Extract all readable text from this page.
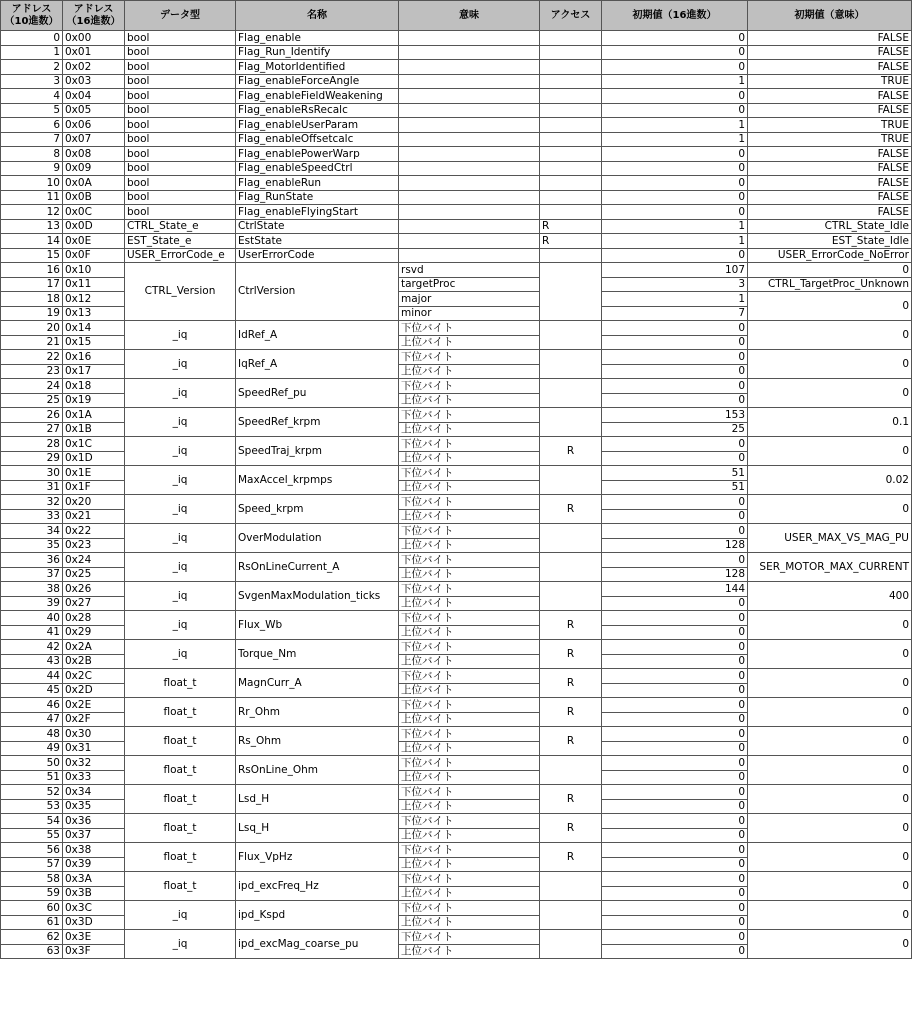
アドレス（10進数）	アドレス（16進数）	データ型	名称	意味	アクセス	初期値（16進数）	初期値（意味）
0	0x00	bool	Flag_enable			0	FALSE
1	0x01	bool	Flag_Run_Identify			0	FALSE
2	0x02	bool	Flag_MotorIdentified			0	FALSE
3	0x03	bool	Flag_enableForceAngle			1	TRUE
4	0x04	bool	Flag_enableFieldWeakening			0	FALSE
5	0x05	bool	Flag_enableRsRecalc			0	FALSE
6	0x06	bool	Flag_enableUserParam			1	TRUE
7	0x07	bool	Flag_enableOffsetcalc			1	TRUE
8	0x08	bool	Flag_enablePowerWarp			0	FALSE
9	0x09	bool	Flag_enableSpeedCtrl			0	FALSE
10	0x0A	bool	Flag_enableRun			0	FALSE
11	0x0B	bool	Flag_RunState			0	FALSE
12	0x0C	bool	Flag_enableFlyingStart			0	FALSE
13	0x0D	CTRL_State_e	CtrlState		R	1	CTRL_State_Idle
14	0x0E	EST_State_e	EstState		R	1	EST_State_Idle
15	0x0F	USER_ErrorCode_e	UserErrorCode			0	USER_ErrorCode_NoError
16	0x10	CTRL_Version	CtrlVersion	rsvd		107	0
17	0x11			targetProc		3	CTRL_TargetProc_Unknown
18	0x12			major		1	0
19	0x13			minor		7	
20	0x14	_iq	IdRef_A	下位バイト		0	0
21	0x15			上位バイト		0	
22	0x16	_iq	IqRef_A	下位バイト		0	0
23	0x17			上位バイト		0	
24	0x18	_iq	SpeedRef_pu	下位バイト		0	0
25	0x19			上位バイト		0	
26	0x1A	_iq	SpeedRef_krpm	下位バイト		153	0.1
27	0x1B			上位バイト		25	
28	0x1C	_iq	SpeedTraj_krpm	下位バイト	R	0	0
29	0x1D			上位バイト		0	
30	0x1E	_iq	MaxAccel_krpmps	下位バイト		51	0.02
31	0x1F			上位バイト		51	
32	0x20	_iq	Speed_krpm	下位バイト	R	0	0
33	0x21			上位バイト		0	
34	0x22	_iq	OverModulation	下位バイト		0	USER_MAX_VS_MAG_PU
35	0x23			上位バイト		128	
36	0x24	_iq	RsOnLineCurrent_A	下位バイト		0	SER_MOTOR_MAX_CURRENT
37	0x25			上位バイト		128	
38	0x26	_iq	SvgenMaxModulation_ticks	下位バイト		144	400
39	0x27			上位バイト		0	
40	0x28	_iq	Flux_Wb	下位バイト	R	0	0
41	0x29			上位バイト		0	
42	0x2A	_iq	Torque_Nm	下位バイト	R	0	0
43	0x2B			上位バイト		0	
44	0x2C	float_t	MagnCurr_A	下位バイト	R	0	0
45	0x2D			上位バイト		0	
46	0x2E	float_t	Rr_Ohm	下位バイト	R	0	0
47	0x2F			上位バイト		0	
48	0x30	float_t	Rs_Ohm	下位バイト	R	0	0
49	0x31			上位バイト		0	
50	0x32	float_t	RsOnLine_Ohm	下位バイト		0	0
51	0x33			上位バイト		0	
52	0x34	float_t	Lsd_H	下位バイト	R	0	0
53	0x35			上位バイト		0	
54	0x36	float_t	Lsq_H	下位バイト	R	0	0
55	0x37			上位バイト		0	
56	0x38	float_t	Flux_VpHz	下位バイト	R	0	0
57	0x39			上位バイト		0	
58	0x3A	float_t	ipd_excFreq_Hz	下位バイト		0	0
59	0x3B			上位バイト		0	
60	0x3C	_iq	ipd_Kspd	下位バイト		0	0
61	0x3D			上位バイト		0	
62	0x3E	_iq	ipd_excMag_coarse_pu	下位バイト		0	0
63	0x3F			上位バイト		0	
